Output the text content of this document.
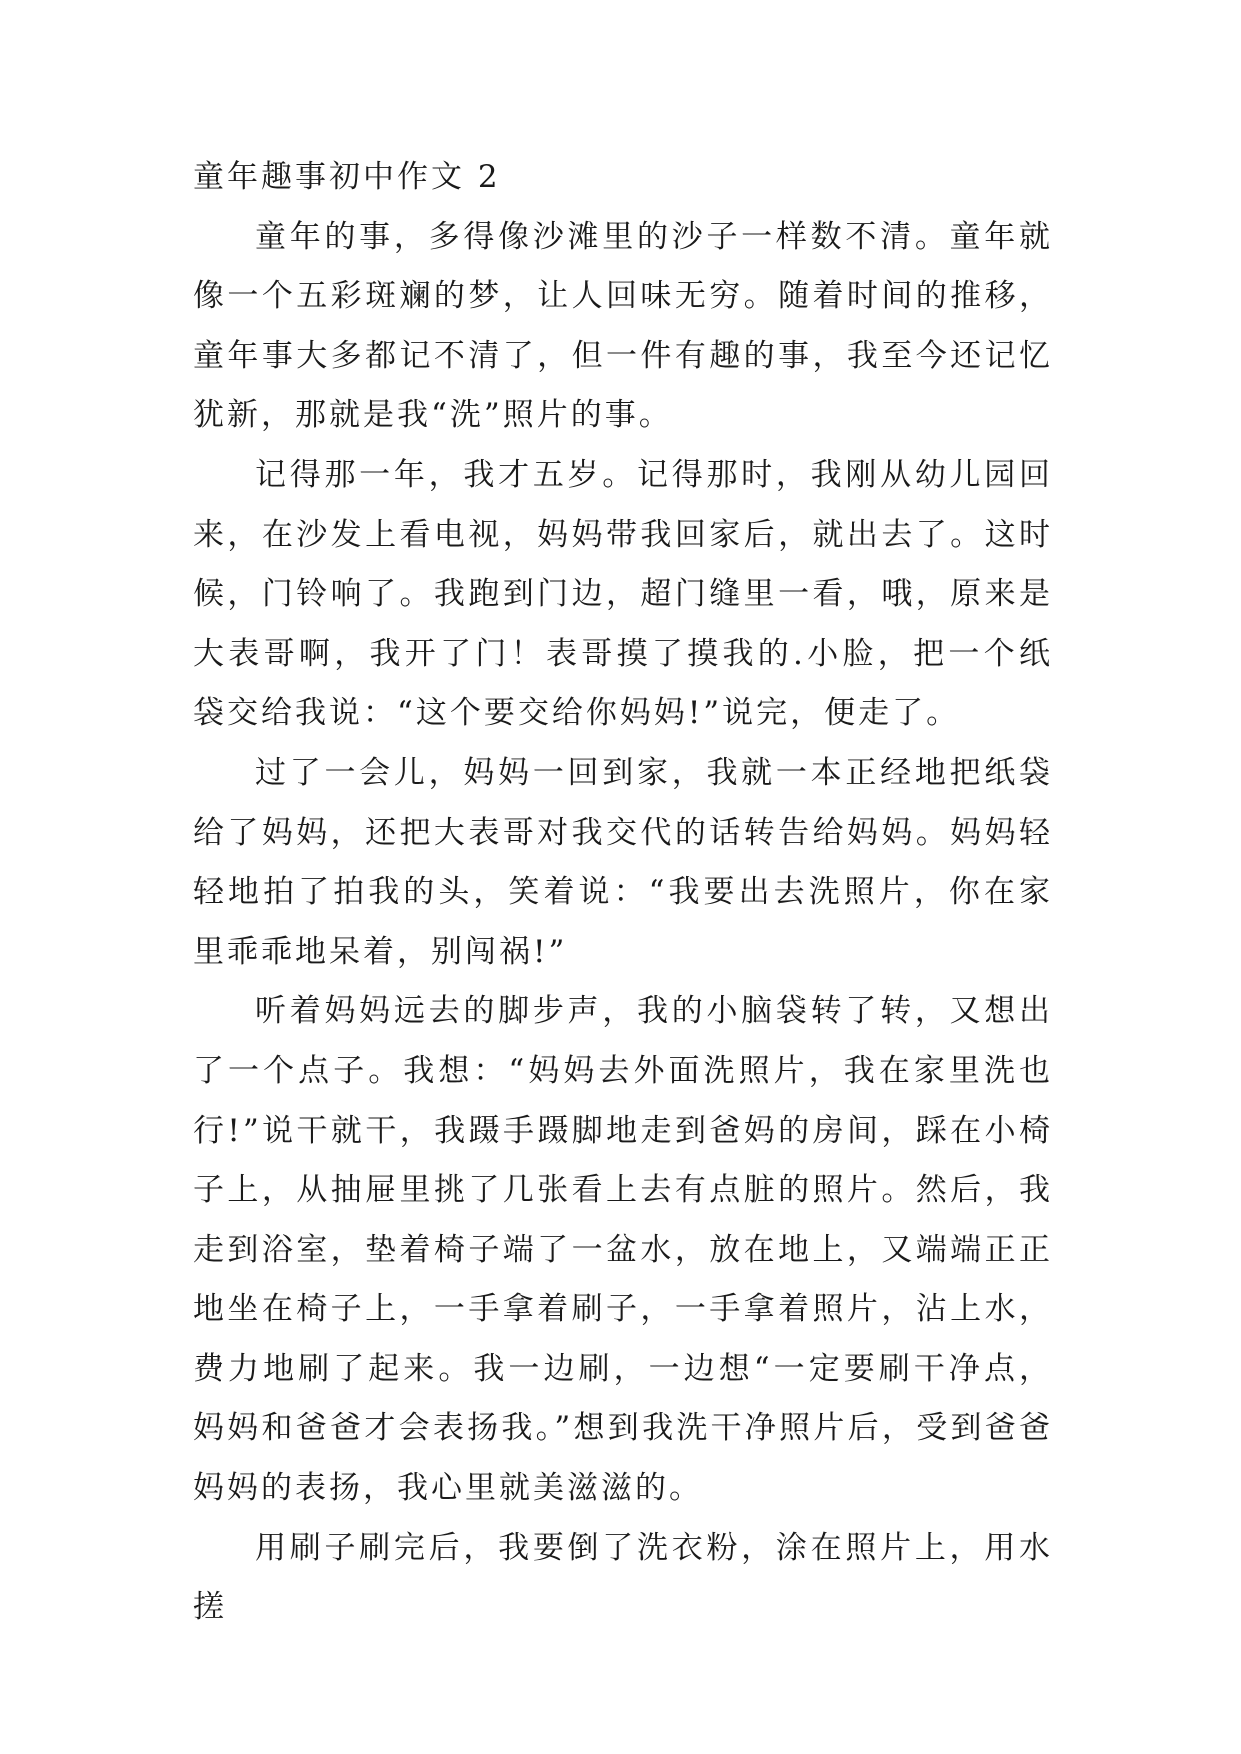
童年趣事初中作文 2

童年的事，多得像沙滩里的沙子一样数不清。童年就像一个五彩斑斓的梦，让人回味无穷。随着时间的推移，童年事大多都记不清了，但一件有趣的事，我至今还记忆犹新，那就是我“洗”照片的事。

记得那一年，我才五岁。记得那时，我刚从幼儿园回来，在沙发上看电视，妈妈带我回家后，就出去了。这时候，门铃响了。我跑到门边，超门缝里一看，哦，原来是大表哥啊，我开了门！表哥摸了摸我的.小脸，把一个纸袋交给我说：“这个要交给你妈妈!”说完，便走了。

过了一会儿，妈妈一回到家，我就一本正经地把纸袋给了妈妈，还把大表哥对我交代的话转告给妈妈。妈妈轻轻地拍了拍我的头，笑着说：“我要出去洗照片，你在家里乖乖地呆着，别闯祸!”

听着妈妈远去的脚步声，我的小脑袋转了转，又想出了一个点子。我想：“妈妈去外面洗照片，我在家里洗也行!”说干就干，我蹑手蹑脚地走到爸妈的房间，踩在小椅子上，从抽屉里挑了几张看上去有点脏的照片。然后，我走到浴室，垫着椅子端了一盆水，放在地上，又端端正正地坐在椅子上，一手拿着刷子，一手拿着照片，沾上水，费力地刷了起来。我一边刷，一边想“一定要刷干净点，妈妈和爸爸才会表扬我。”想到我洗干净照片后，受到爸爸妈妈的表扬，我心里就美滋滋的。

用刷子刷完后，我要倒了洗衣粉，涂在照片上，用水搓
